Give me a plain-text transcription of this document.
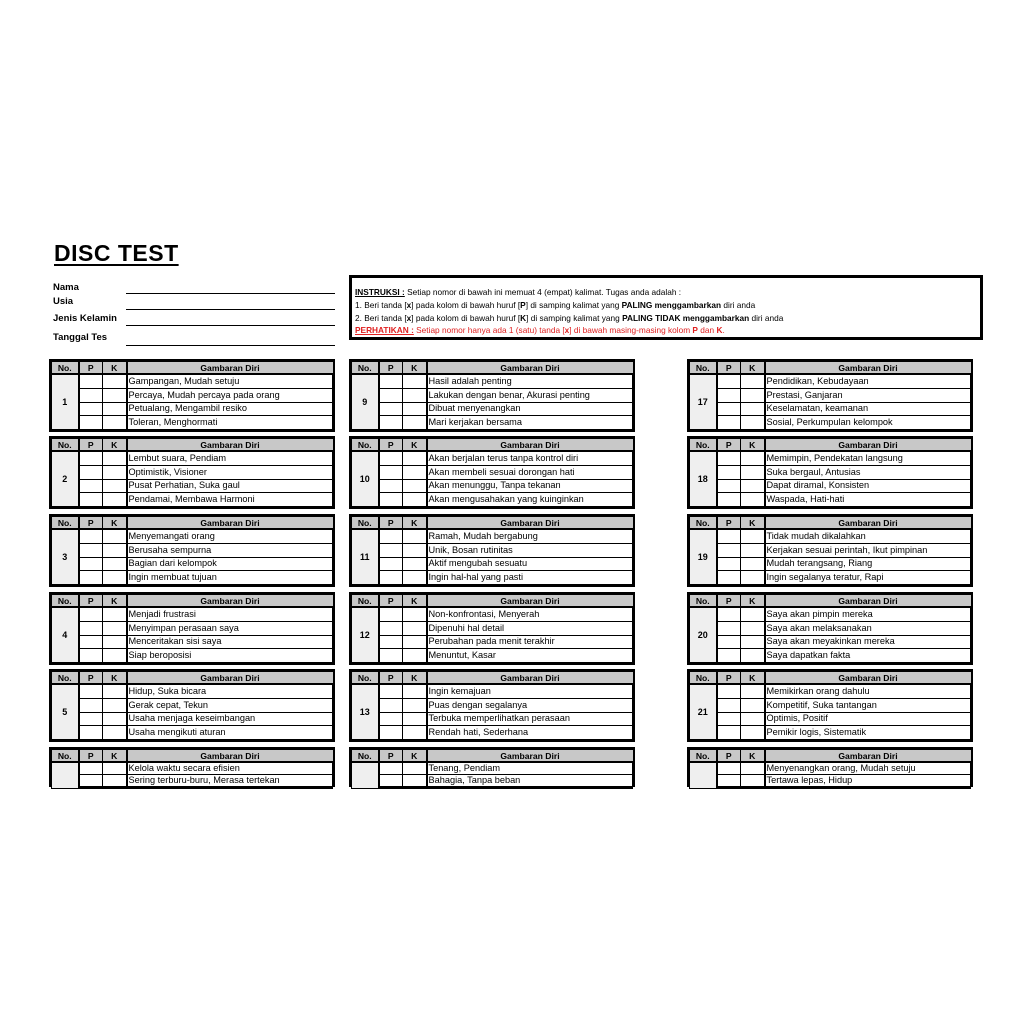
DISC TEST
Nama
Usia
Jenis Kelamin
Tanggal Tes
INSTRUKSI : Setiap nomor di bawah ini memuat 4 (empat) kalimat. Tugas anda adalah :
1. Beri tanda [x] pada kolom di bawah huruf [P] di samping kalimat yang PALING menggambarkan diri anda
2. Beri tanda [x] pada kolom di bawah huruf [K] di samping kalimat yang PALING TIDAK menggambarkan diri anda
PERHATIKAN : Setiap nomor hanya ada 1 (satu) tanda [x] di bawah masing-masing kolom P dan K.
No.	P	K	Gambaran Diri
1			Gampangan, Mudah setuju
			Percaya, Mudah percaya pada orang
			Petualang, Mengambil resiko
			Toleran, Menghormati
No.	P	K	Gambaran Diri
2			Lembut suara, Pendiam
			Optimistik, Visioner
			Pusat Perhatian, Suka gaul
			Pendamai, Membawa Harmoni
No.	P	K	Gambaran Diri
3			Menyemangati orang
			Berusaha sempurna
			Bagian dari kelompok
			Ingin membuat tujuan
No.	P	K	Gambaran Diri
4			Menjadi frustrasi
			Menyimpan perasaan saya
			Menceritakan sisi saya
			Siap beroposisi
No.	P	K	Gambaran Diri
5			Hidup, Suka bicara
			Gerak cepat, Tekun
			Usaha menjaga keseimbangan
			Usaha mengikuti aturan
No.	P	K	Gambaran Diri
			Kelola waktu secara efisien
			Sering terburu-buru, Merasa tertekan

No.	P	K	Gambaran Diri
9			Hasil adalah penting
			Lakukan dengan benar, Akurasi penting
			Dibuat menyenangkan
			Mari kerjakan bersama
No.	P	K	Gambaran Diri
10			Akan berjalan terus tanpa kontrol diri
			Akan membeli sesuai dorongan hati
			Akan menunggu, Tanpa tekanan
			Akan mengusahakan yang kuinginkan
No.	P	K	Gambaran Diri
11			Ramah, Mudah bergabung
			Unik, Bosan rutinitas
			Aktif mengubah sesuatu
			Ingin hal-hal yang pasti
No.	P	K	Gambaran Diri
12			Non-konfrontasi, Menyerah
			Dipenuhi hal detail
			Perubahan pada menit terakhir
			Menuntut, Kasar
No.	P	K	Gambaran Diri
13			Ingin kemajuan
			Puas dengan segalanya
			Terbuka memperlihatkan perasaan
			Rendah hati, Sederhana
No.	P	K	Gambaran Diri
			Tenang, Pendiam
			Bahagia, Tanpa beban

No.	P	K	Gambaran Diri
17			Pendidikan, Kebudayaan
			Prestasi, Ganjaran
			Keselamatan, keamanan
			Sosial, Perkumpulan kelompok
No.	P	K	Gambaran Diri
18			Memimpin, Pendekatan langsung
			Suka bergaul, Antusias
			Dapat diramal, Konsisten
			Waspada, Hati-hati
No.	P	K	Gambaran Diri
19			Tidak mudah dikalahkan
			Kerjakan sesuai perintah, Ikut pimpinan
			Mudah terangsang, Riang
			Ingin segalanya teratur, Rapi
No.	P	K	Gambaran Diri
20			Saya akan pimpin mereka
			Saya akan melaksanakan
			Saya akan meyakinkan mereka
			Saya dapatkan fakta
No.	P	K	Gambaran Diri
21			Memikirkan orang dahulu
			Kompetitif, Suka tantangan
			Optimis, Positif
			Pemikir logis, Sistematik
No.	P	K	Gambaran Diri
			Menyenangkan orang, Mudah setuju
			Tertawa lepas, Hidup
